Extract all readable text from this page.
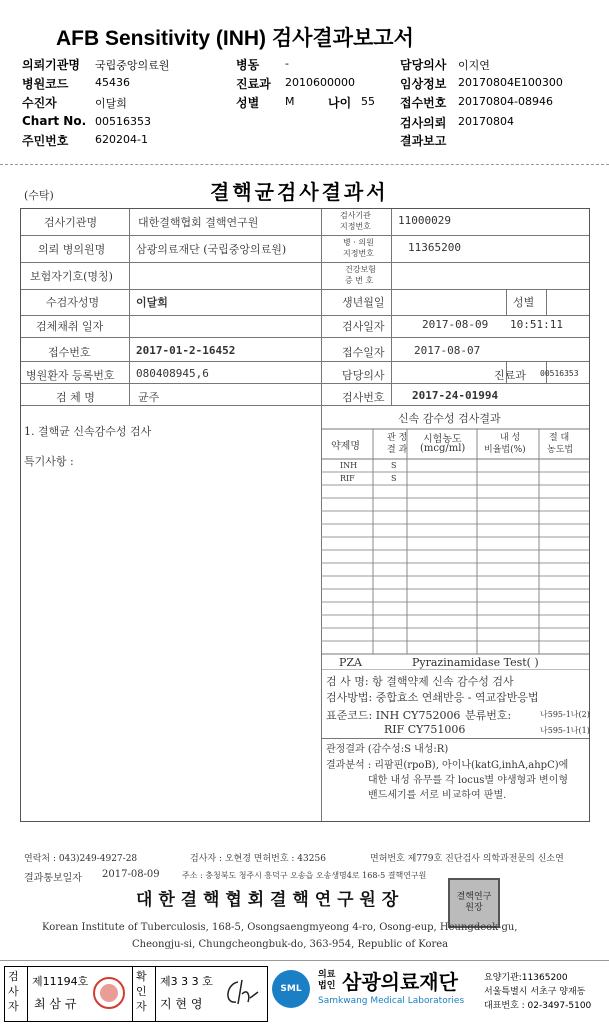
AFB Sensitivity (INH) 검사결과보고서
의뢰기관명 국립중앙의료원	병동 -	담당의사 이지연
병원코드 45436	진료과 2010600000	임상정보 20170804E100300
수진자	이달희	성별 M	접수번호 20170804-08946
Chart No. 00516353	검사의뢰 20170804
주민번호 620204-1	결과보고
나이 55
(수탁)	결핵균검사결과서
검사기관명	대한결핵협회 결핵연구원
검사기관
지정번호 11000029
의뢰 병의원명	삼광의료재단 (국립중앙의료원)
병 · 의원
지정번호	11365200
보험자기호(명칭)
건강보험
증 번 호
수검자성명	이달희	생년월일	성별
검체채취 일자	검사일자	2017-08-09 10:51:11
접수번호	2017-01-2-16452	접수일자	2017-08-07
병원환자 등록번호 080408945,6	담당의사	진료과 00516353
검 체 명	균주	검사번호 2017-24-01994
1. 결핵균 신속감수성 검사
특기사항 :
신속 감수성 검사결과
약제명
관 정
결 과
시험농도
(mcg/ml)
내 성
비율법(%)
절 대
농도법
INH	S
RIF	S
PZA	Pyrazinamidase Test( )
검 사 명: 항 결핵약제 신속 감수성 검사
검사방법: 중합효소 연쇄반응 - 역교잡반응법
표준코드: INH CY752006 분류번호:	나595-1나(2)
RIF CY751006	나595-1나(1)
관정결과 (감수성:S 내성:R)
결과분석 : 리팜핀(rpoB), 아이나(katG,inhA,ahpC)에
대한 내성 유무를 각 locus별 야생형과 변이형
밴드세기를 서로 비교하여 판별.
연락처 : 043)249-4927-28	검사자 : 오현경 면허번호 : 43256	면허번호 제779호 진단검사 의학과전문의 신소연
결과통보일자 2017-08-09	주소 : 충청북도 청주시 흥덕구 오송읍 오송생명4로 168-5 결핵연구원
대 한 결 핵 협 회 결 핵 연 구 원 장	결핵연구원장
Korean Institute of Tuberculosis, 168-5, Osongsaengmyeong 4-ro, Osong-eup, Heungdeok-gu,
Cheongju-si, Chungcheongbuk-do, 363-954, Republic of Korea
검사자
제11194호
최 삼 규
확인자
제3 3 3 호
지 현 영
SML
의료
법인 삼광의료재단
Samkwang Medical Laboratories
요양기관:11365200
서울특별시 서초구 양재동
대표번호 : 02-3497-5100
